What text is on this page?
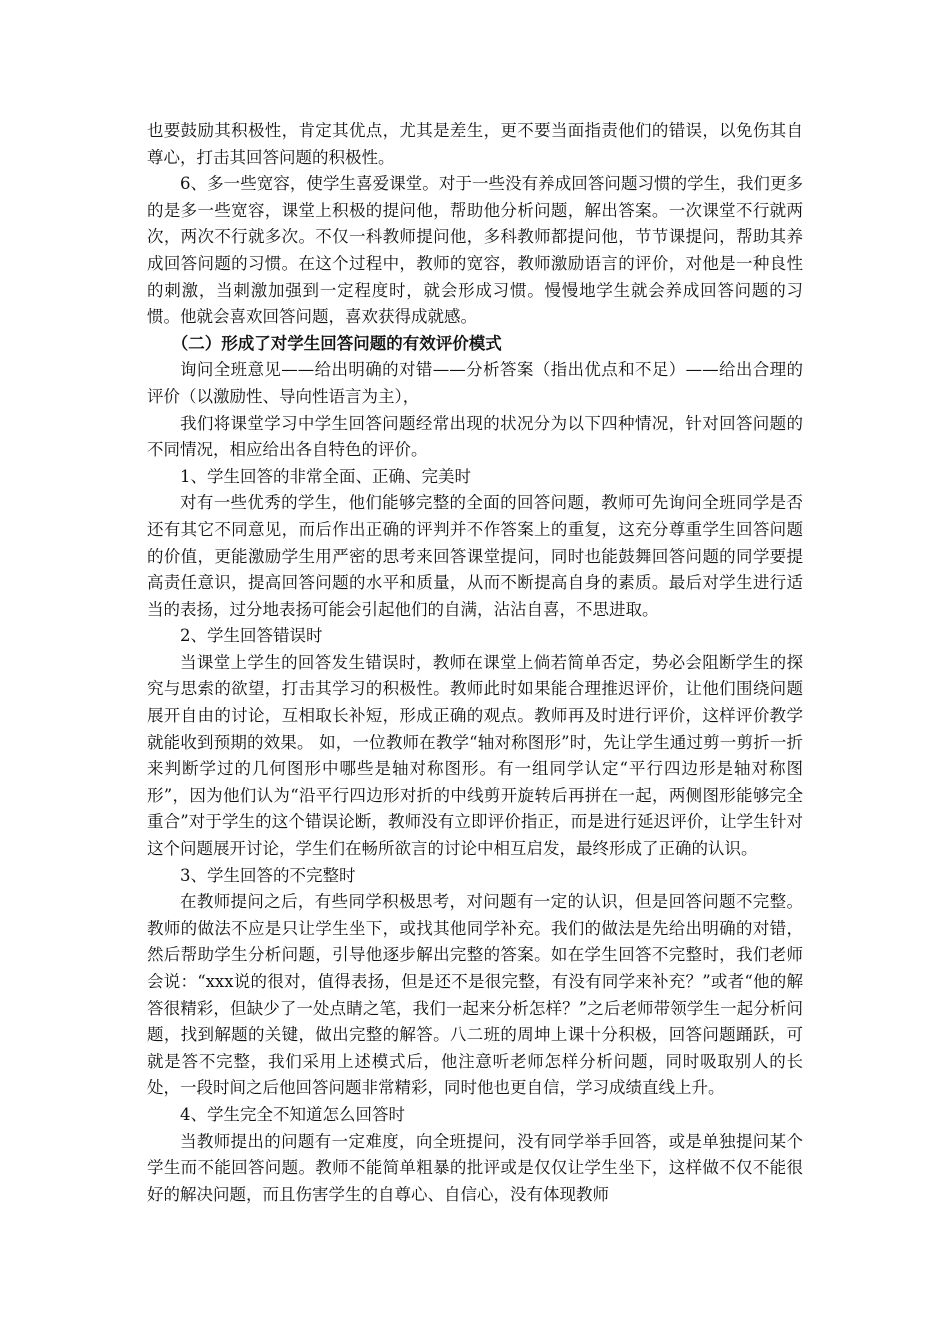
也要鼓励其积极性，肯定其优点，尤其是差生，更不要当面指责他们的错误，以免伤其自尊心，打击其回答问题的积极性。

6、多一些宽容，使学生喜爱课堂。对于一些没有养成回答问题习惯的学生，我们更多的是多一些宽容，课堂上积极的提问他，帮助他分析问题，解出答案。一次课堂不行就两次，两次不行就多次。不仅一科教师提问他，多科教师都提问他，节节课提问，帮助其养成回答问题的习惯。在这个过程中，教师的宽容，教师激励语言的评价，对他是一种良性的刺激，当刺激加强到一定程度时，就会形成习惯。慢慢地学生就会养成回答问题的习惯。他就会喜欢回答问题，喜欢获得成就感。

（二）形成了对学生回答问题的有效评价模式

询问全班意见——给出明确的对错——分析答案（指出优点和不足）——给出合理的评价（以激励性、导向性语言为主），

我们将课堂学习中学生回答问题经常出现的状况分为以下四种情况，针对回答问题的不同情况，相应给出各自特色的评价。

1、学生回答的非常全面、正确、完美时

对有一些优秀的学生，他们能够完整的全面的回答问题，教师可先询问全班同学是否还有其它不同意见，而后作出正确的评判并不作答案上的重复，这充分尊重学生回答问题的价值，更能激励学生用严密的思考来回答课堂提问，同时也能鼓舞回答问题的同学要提高责任意识，提高回答问题的水平和质量，从而不断提高自身的素质。最后对学生进行适当的表扬，过分地表扬可能会引起他们的自满，沾沾自喜，不思进取。

2、学生回答错误时

当课堂上学生的回答发生错误时，教师在课堂上倘若简单否定，势必会阻断学生的探究与思索的欲望，打击其学习的积极性。教师此时如果能合理推迟评价，让他们围绕问题展开自由的讨论，互相取长补短，形成正确的观点。教师再及时进行评价，这样评价教学就能收到预期的效果。 如，一位教师在教学“轴对称图形”时，先让学生通过剪一剪折一折来判断学过的几何图形中哪些是轴对称图形。有一组同学认定“平行四边形是轴对称图形”，因为他们认为“沿平行四边形对折的中线剪开旋转后再拼在一起，两侧图形能够完全重合”对于学生的这个错误论断，教师没有立即评价指正，而是进行延迟评价，让学生针对这个问题展开讨论，学生们在畅所欲言的讨论中相互启发，最终形成了正确的认识。

3、学生回答的不完整时

在教师提问之后，有些同学积极思考，对问题有一定的认识，但是回答问题不完整。教师的做法不应是只让学生坐下，或找其他同学补充。我们的做法是先给出明确的对错，然后帮助学生分析问题，引导他逐步解出完整的答案。如在学生回答不完整时，我们老师会说：“xxx说的很对，值得表扬，但是还不是很完整，有没有同学来补充？”或者“他的解答很精彩，但缺少了一处点睛之笔，我们一起来分析怎样？”之后老师带领学生一起分析问题，找到解题的关键，做出完整的解答。八二班的周坤上课十分积极，回答问题踊跃，可就是答不完整，我们采用上述模式后，他注意听老师怎样分析问题，同时吸取别人的长处，一段时间之后他回答问题非常精彩，同时他也更自信，学习成绩直线上升。

4、学生完全不知道怎么回答时

当教师提出的问题有一定难度，向全班提问，没有同学举手回答，或是单独提问某个学生而不能回答问题。教师不能简单粗暴的批评或是仅仅让学生坐下，这样做不仅不能很好的解决问题，而且伤害学生的自尊心、自信心，没有体现教师
